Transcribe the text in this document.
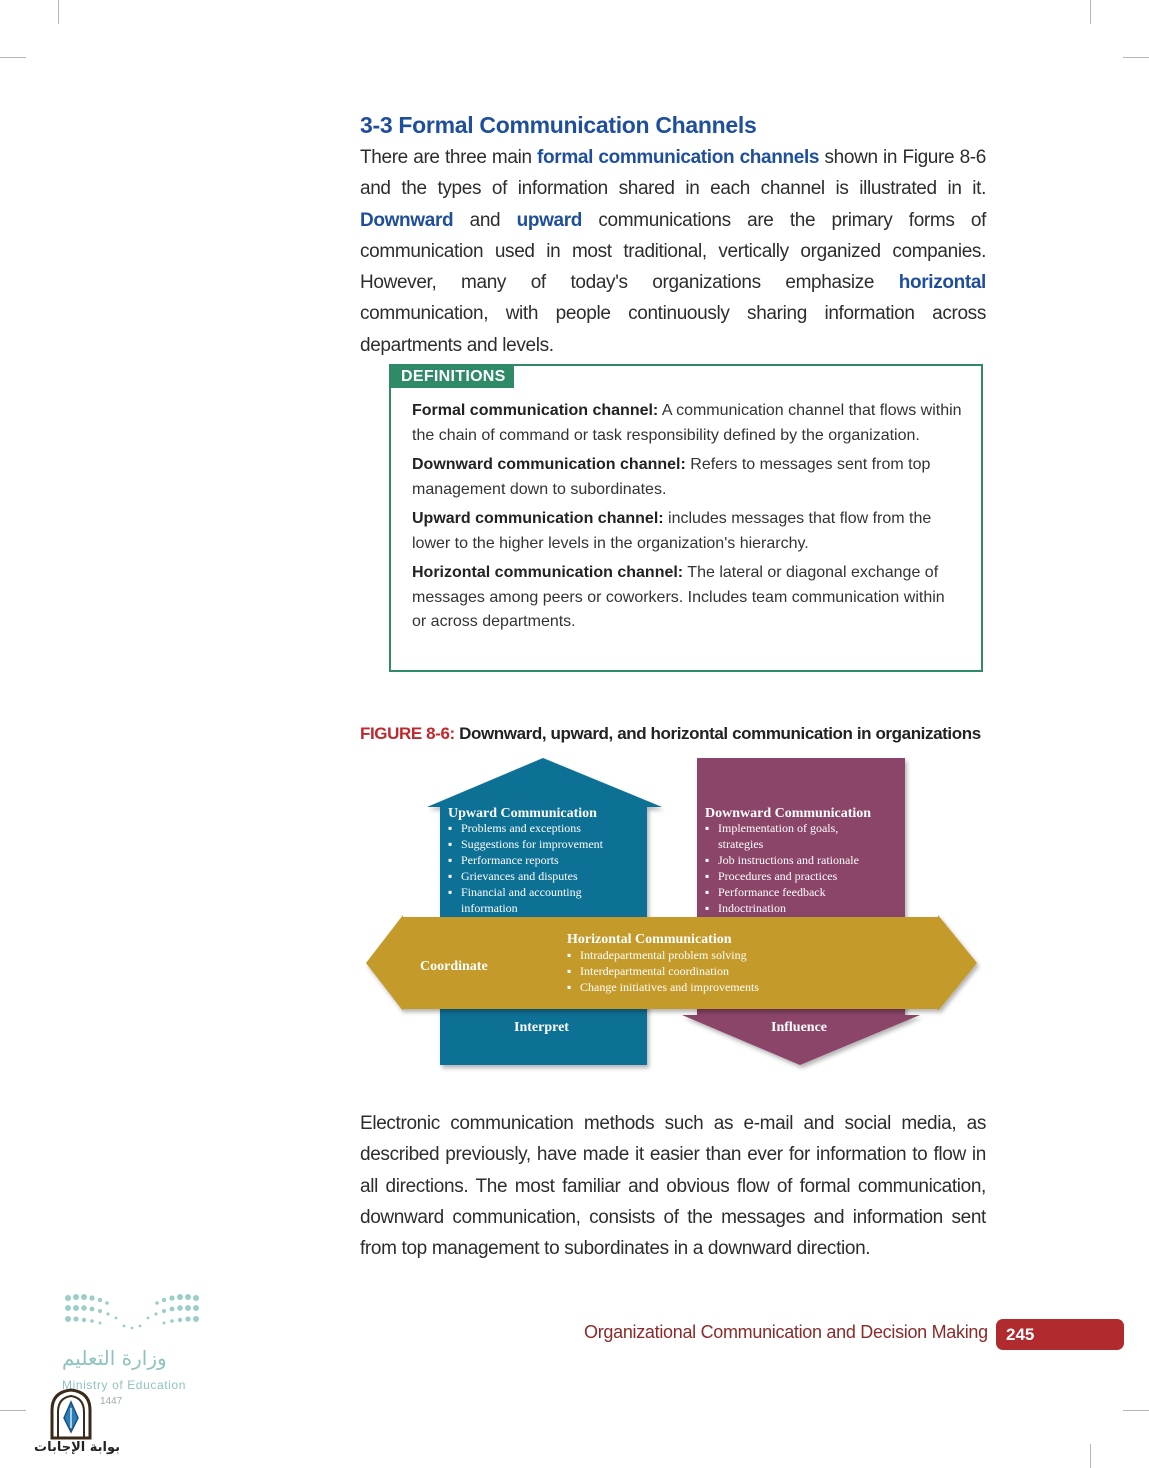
3-3 Formal Communication Channels

There are three main formal communication channels shown in Figure 8-6 and the types of information shared in each channel is illustrated in it. Downward and upward communications are the primary forms of communication used in most traditional, vertically organized companies. However, many of today's organizations emphasize horizontal communication, with people continuously sharing information across departments and levels.

DEFINITIONS

Formal communication channel: A communication channel that flows within the chain of command or task responsibility defined by the organization.

Downward communication channel: Refers to messages sent from top management down to subordinates.

Upward communication channel: includes messages that flow from the lower to the higher levels in the organization's hierarchy.

Horizontal communication channel: The lateral or diagonal exchange of messages among peers or coworkers. Includes team communication within or across departments.

FIGURE 8-6: Downward, upward, and horizontal communication in organizations

Upward Communication
▪ Problems and exceptions
▪ Suggestions for improvement
▪ Performance reports
▪ Grievances and disputes
▪ Financial and accounting
information
Downward Communication
▪ Implementation of goals,
strategies
▪ Job instructions and rationale
▪ Procedures and practices
▪ Performance feedback
▪ Indoctrination
Horizontal Communication
▪ Intradepartmental problem solving
▪ Interdepartmental coordination
▪ Change initiatives and improvements
Coordinate
Interpret	Influence

Electronic communication methods such as e-mail and social media, as described previously, have made it easier than ever for information to flow in all directions. The most familiar and obvious flow of formal communication, downward communication, consists of the messages and information sent from top management to subordinates in a downward direction.

وزارة التعليم

Ministry of Education

1447

بوابة الإجابات

Organizational Communication and Decision Making	245
